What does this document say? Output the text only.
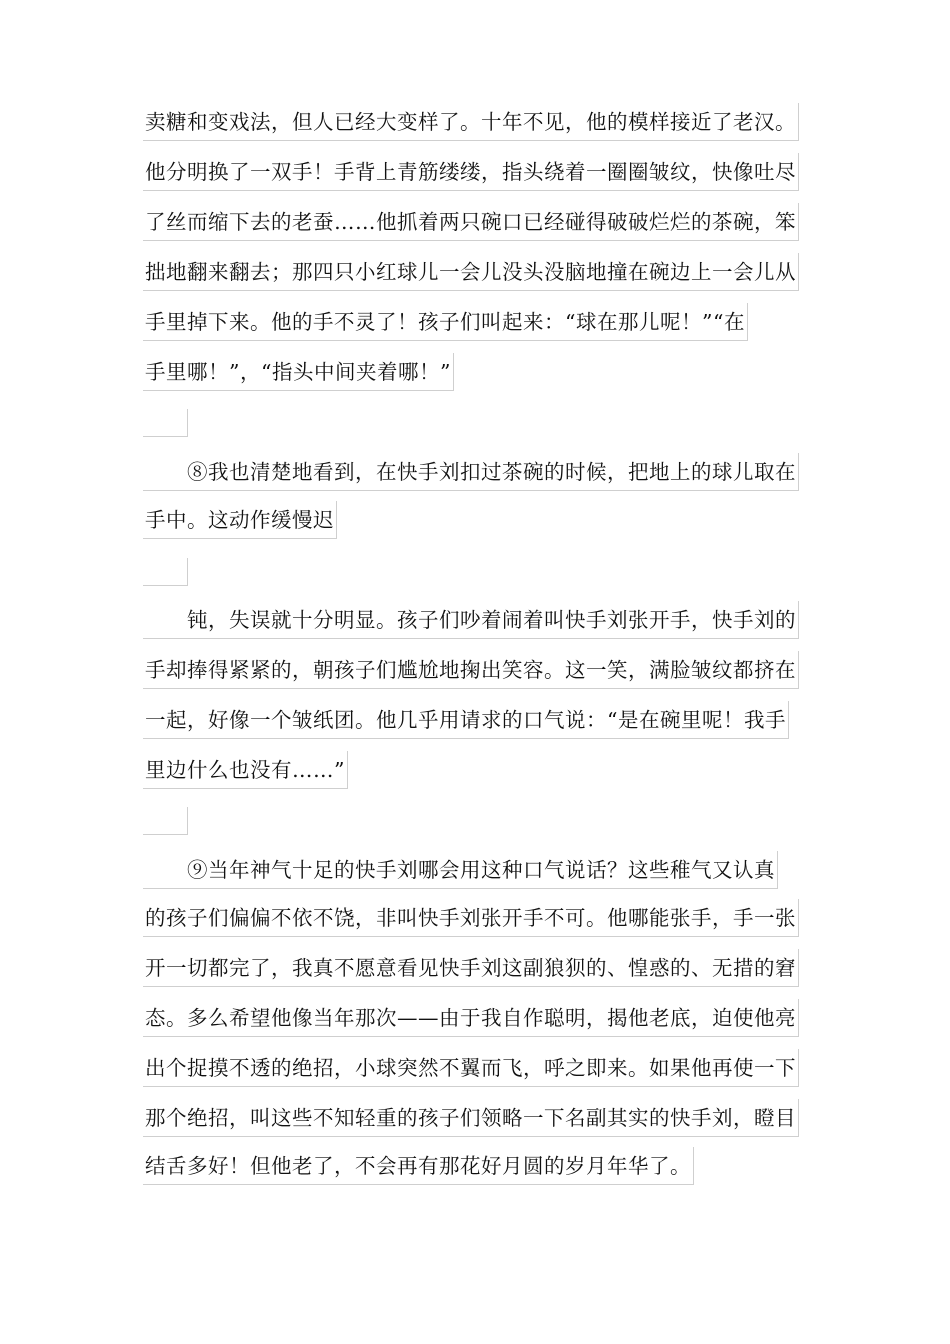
卖糖和变戏法，但人已经大变样了。十年不见，他的模样接近了老汉。
他分明换了一双手！手背上青筋缕缕，指头绕着一圈圈皱纹，快像吐尽
了丝而缩下去的老蚕……他抓着两只碗口已经碰得破破烂烂的茶碗，笨
拙地翻来翻去；那四只小红球儿一会儿没头没脑地撞在碗边上一会儿从
手里掉下来。他的手不灵了！孩子们叫起来：“球在那儿呢！”“在
手里哪！”，“指头中间夹着哪！”
⑧我也清楚地看到，在快手刘扣过茶碗的时候，把地上的球儿取在
手中。这动作缓慢迟
钝，失误就十分明显。孩子们吵着闹着叫快手刘张开手，快手刘的
手却捧得紧紧的，朝孩子们尴尬地掬出笑容。这一笑，满脸皱纹都挤在
一起，好像一个皱纸团。他几乎用请求的口气说：“是在碗里呢！我手
里边什么也没有……”
⑨当年神气十足的快手刘哪会用这种口气说话？这些稚气又认真
的孩子们偏偏不依不饶，非叫快手刘张开手不可。他哪能张手，手一张
开一切都完了，我真不愿意看见快手刘这副狼狈的、惶惑的、无措的窘
态。多么希望他像当年那次——由于我自作聪明，揭他老底，迫使他亮
出个捉摸不透的绝招，小球突然不翼而飞，呼之即来。如果他再使一下
那个绝招，叫这些不知轻重的孩子们领略一下名副其实的快手刘，瞪目
结舌多好！但他老了，不会再有那花好月圆的岁月年华了。
